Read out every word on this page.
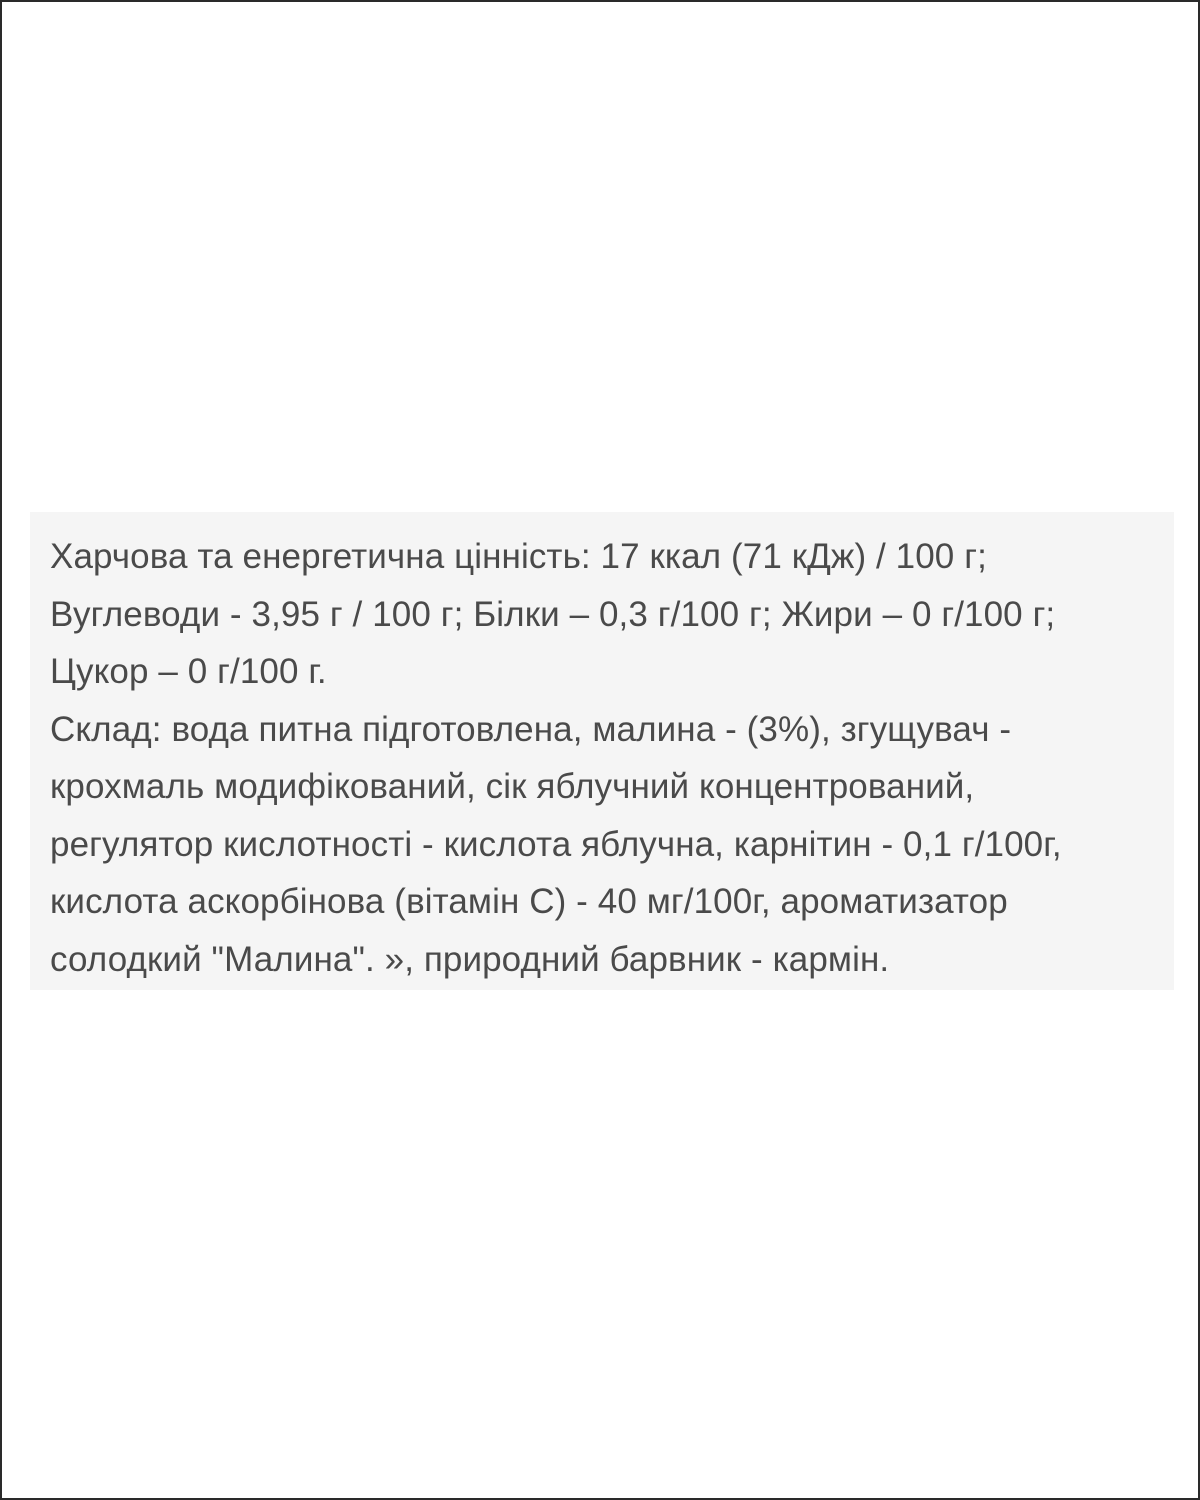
Харчова та енергетична цінність: 17 ккал (71 кДж) / 100 г;
Вуглеводи - 3,95 г / 100 г; Білки – 0,3 г/100 г; Жири – 0 г/100 г;
Цукор – 0 г/100 г.
Склад: вода питна підготовлена, малина - (3%), згущувач -
крохмаль модифікований, сік яблучний концентрований,
регулятор кислотності - кислота яблучна, карнітин - 0,1 г/100г,
кислота аскорбінова (вітамін С) - 40 мг/100г, ароматизатор
солодкий "Малина". », природний барвник - кармін.
